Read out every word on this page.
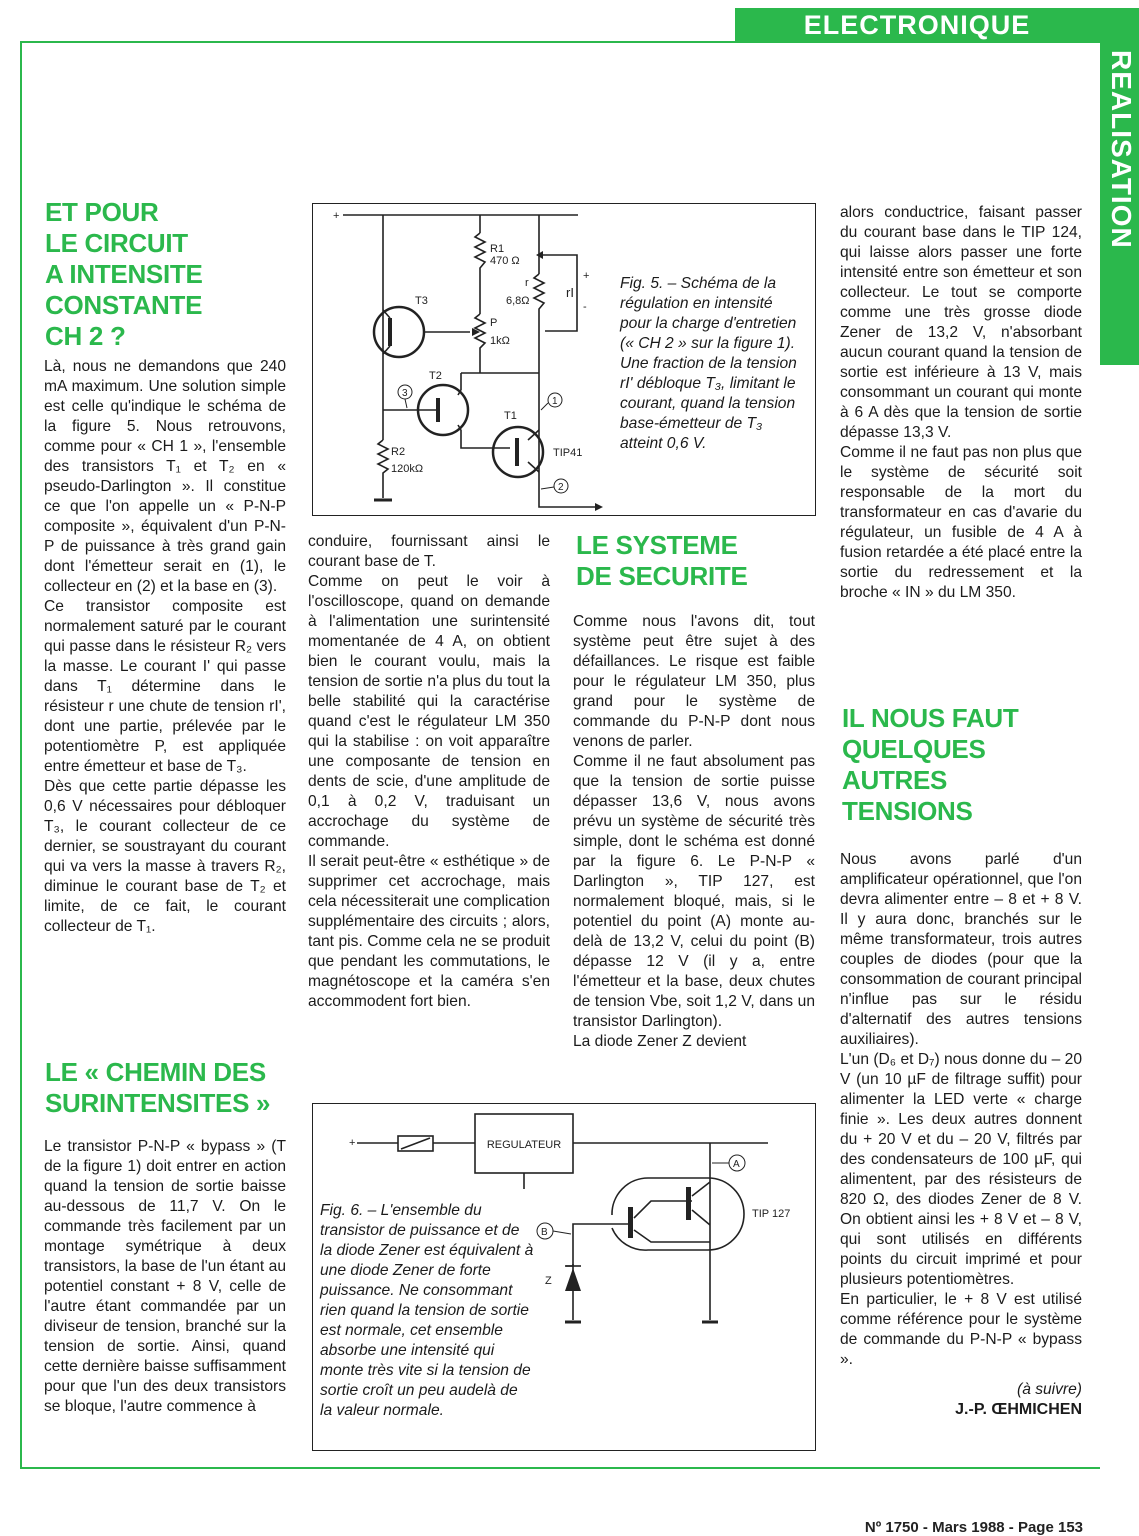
ELECTRONIQUE
REALISATION
ET POUR
LE CIRCUIT
A INTENSITE
CONSTANTE
CH 2 ?

Là, nous ne demandons que 240 mA maximum. Une solution simple est celle qu'indique le schéma de la figure 5. Nous retrouvons, comme pour « CH 1 », l'ensemble des transistors T₁ et T₂ en « pseudo-Darlington ». Il constitue ce que l'on appelle un « P-N-P composite », équivalent d'un P-N-P de puissance à très grand gain dont l'émetteur serait en (1), le collecteur en (2) et la base en (3).

Ce transistor composite est normalement saturé par le courant qui passe dans le résisteur R₂ vers la masse. Le courant I' qui passe dans T₁ détermine dans le résisteur r une chute de tension rI', dont une partie, prélevée par le potentiomètre P, est appliquée entre émetteur et base de T₃.

Dès que cette partie dépasse les 0,6 V nécessaires pour débloquer T₃, le courant collecteur de ce dernier, se soustrayant du courant qui va vers la masse à travers R₂, diminue le courant base de T₂ et limite, de ce fait, le courant collecteur de T₁.

LE « CHEMIN DES
SURINTENSITES »

Le transistor P-N-P « bypass » (T de la figure 1) doit entrer en action quand la tension de sortie baisse au-dessous de 11,7 V. On le commande très facilement par un montage symétrique à deux transistors, la base de l'un étant au potentiel constant + 8 V, celle de l'autre étant commandée par un diviseur de tension, branché sur la tension de sortie. Ainsi, quand cette dernière baisse suffisamment pour que l'un des deux transistors se bloque, l'autre commence à

conduire, fournissant ainsi le courant base de T.

Comme on peut le voir à l'oscilloscope, quand on demande à l'alimentation une surintensité momentanée de 4 A, on obtient bien le courant voulu, mais la tension de sortie n'a plus du tout la belle stabilité qui la caractérise quand c'est le régulateur LM 350 qui la stabilise : on voit apparaître une composante de tension en dents de scie, d'une amplitude de 0,1 à 0,2 V, traduisant un accrochage du système de commande.

Il serait peut-être « esthétique » de supprimer cet accrochage, mais cela nécessiterait une complication supplémentaire des circuits ; alors, tant pis. Comme cela ne se produit que pendant les commutations, le magnétoscope et la caméra s'en accommodent fort bien.

LE SYSTEME
DE SECURITE

Comme nous l'avons dit, tout système peut être sujet à des défaillances. Le risque est faible pour le régulateur LM 350, plus grand pour le système de commande du P-N-P dont nous venons de parler.

Comme il ne faut absolument pas que la tension de sortie puisse dépasser 13,6 V, nous avons prévu un système de sécurité très simple, dont le schéma est donné par la figure 6. Le P-N-P « Darlington », TIP 127, est normalement bloqué, mais, si le potentiel du point (A) monte au-delà de 13,2 V, celui du point (B) dépasse 12 V (il y a, entre l'émetteur et la base, deux chutes de tension Vbe, soit 1,2 V, dans un transistor Darlington).

La diode Zener Z devient

alors conductrice, faisant passer du courant base dans le TIP 124, qui laisse alors passer une forte intensité entre son émetteur et son collecteur. Le tout se comporte comme une très grosse diode Zener de 13,2 V, n'absorbant aucun courant quand la tension de sortie est inférieure à 13 V, mais consommant un courant qui monte à 6 A dès que la tension de sortie dépasse 13,3 V.

Comme il ne faut pas non plus que le système de sécurité soit responsable de la mort du transformateur en cas d'avarie du régulateur, un fusible de 4 A à fusion retardée a été placé entre la sortie du redressement et la broche « IN » du LM 350.

IL NOUS FAUT
QUELQUES
AUTRES
TENSIONS

Nous avons parlé d'un amplificateur opérationnel, que l'on devra alimenter entre – 8 et + 8 V. Il y aura donc, branchés sur le même transformateur, trois autres couples de diodes (pour que la consommation de courant principal n'influe pas sur le résidu d'alternatif des autres tensions auxiliaires).

L'un (D₆ et D₇) nous donne du – 20 V (un 10 µF de filtrage suffit) pour alimenter la LED verte « charge finie ». Les deux autres donnent du + 20 V et du – 20 V, filtrés par des condensateurs de 100 µF, qui alimentent, par des résisteurs de 820 Ω, des diodes Zener de 8 V. On obtient ainsi les + 8 V et – 8 V, qui sont utilisés en différents points du circuit imprimé et pour plusieurs potentiomètres.

En particulier, le + 8 V est utilisé comme référence pour le système de commande du P-N-P « bypass ».

(à suivre)

J.-P. ŒHMICHEN

+
R1
470 Ω
r
6,8Ω
rI
+
-
T3
P
1kΩ
T2
T1
TIP41
R2
120kΩ
1
2
3
Fig. 5. – Schéma de la régulation en intensité pour la charge d'entretien (« CH 2 » sur la figure 1). Une fraction de la tension rI' débloque T₃, limitant le courant, quand la tension base-émetteur de T₃ atteint 0,6 V.
+	REGULATEUR
A
B
TIP 127
Z
Fig. 6. – L'ensemble du transistor de puissance et de la diode Zener est équivalent à une diode Zener de forte puissance. Ne consommant rien quand la tension de sortie est normale, cet ensemble absorbe une intensité qui monte très vite si la tension de sortie croît un peu audelà de la valeur normale.
Nº 1750 - Mars 1988 - Page 153
